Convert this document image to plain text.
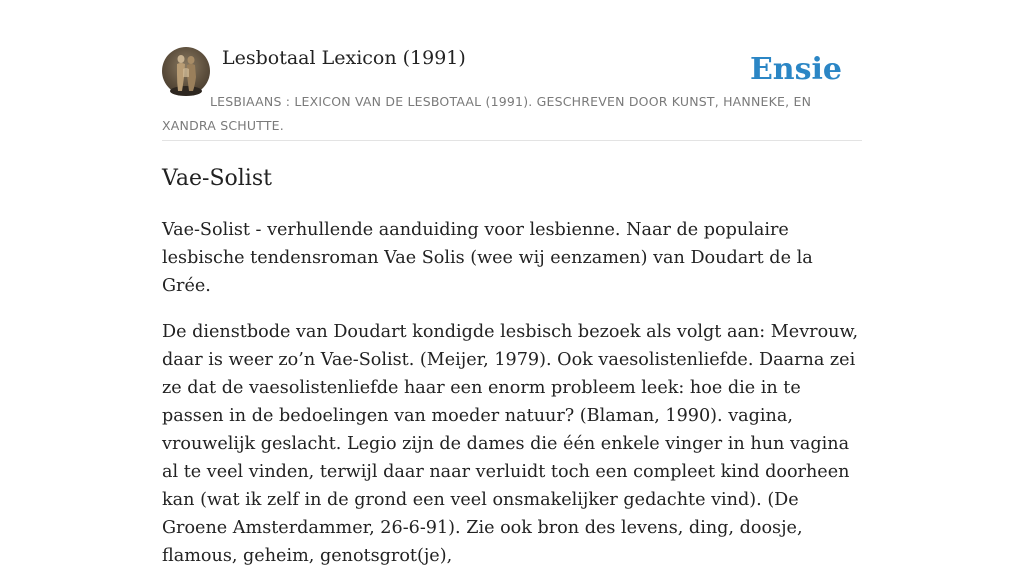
Lesbotaal Lexicon (1991)	Ensie
LESBIAANS : LEXICON VAN DE LESBOTAAL (1991). GESCHREVEN DOOR KUNST, HANNEKE, EN XANDRA SCHUTTE.
Vae-Solist

Vae-Solist - verhullende aanduiding voor lesbienne. Naar de populaire lesbische tendensroman Vae Solis (wee wij eenzamen) van Doudart de la Grée.

De dienstbode van Doudart kondigde lesbisch bezoek als volgt aan: Mevrouw, daar is weer zo’n Vae-Solist. (Meijer, 1979). Ook vaesolistenliefde. Daarna zei ze dat de vaesolistenliefde haar een enorm probleem leek: hoe die in te passen in de bedoelingen van moeder natuur? (Blaman, 1990). vagina, vrouwelijk geslacht. Legio zijn de dames die één enkele vinger in hun vagina al te veel vinden, terwijl daar naar verluidt toch een compleet kind doorheen kan (wat ik zelf in de grond een veel onsmakelijker gedachte vind). (De Groene Amsterdammer, 26-6-91). Zie ook bron des levens, ding, doosje, flamous, geheim, genotsgrot(je),
